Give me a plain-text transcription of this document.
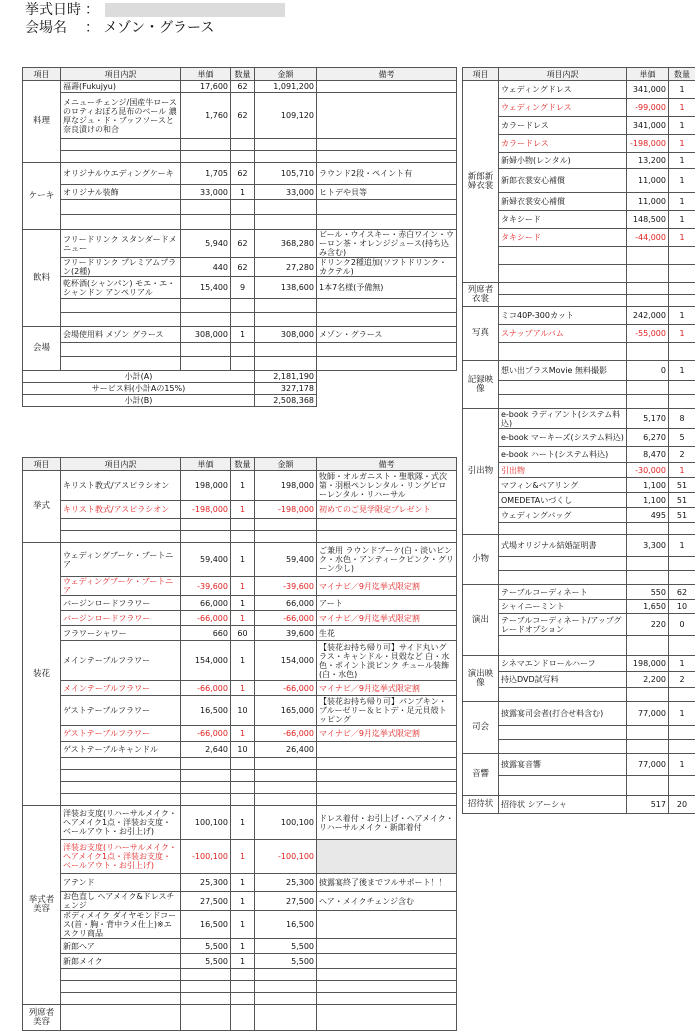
挙式日時 ：
会場名 ： メゾン・グラース
項目	項目内訳	単価	数量	金額	備考
料理	福壽(Fukujyu)	17,600	62	1,091,200	
	メニューチェンジ/国産牛ロースのロティおぼろ昆布のベール 濃厚なジュ・ド・ブッフソースと奈良漬けの和合	1,760	62	109,120	

ケーキ	オリジナルウエディングケーキ	1,705	62	105,710	ラウンド2段・ペイント有
	オリジナル装飾	33,000	1	33,000	ヒトデや貝等

飲料	フリードリンク スタンダードメニュー	5,940	62	368,280	ビール・ウイスキー・赤白ワイン・ウーロン茶・オレンジジュース(持ち込み含む)
	フリードリンク プレミアムプラン(2種)	440	62	27,280	ドリンク2種追加(ソフトドリンク・カクテル)
	乾杯酒(シャンパン) モエ・エ・シャンドン アンペリアル	15,400	9	138,600	1本7名様(予備無)

会場	会場使用料 メゾン グラース	308,000	1	308,000	メゾン・グラース

小計(A)				2,181,190	
サービス料(小計Aの15%)				327,178	
小計(B)				2,508,368	
項目	項目内訳	単価	数量	金額	備考
挙式	キリスト教式/アスピラシオン	198,000	1	198,000	牧師・オルガニスト・聖歌隊・式次第・羽根ペンレンタル・リングピローレンタル・リハーサル
	キリスト教式/アスピラシオン	-198,000	1	-198,000	初めてのご見学限定プレゼント

装花	ウェディングブーケ・ブートニア	59,400	1	59,400	ご兼用 ラウンドブーケ(白・淡いピンク・水色・アンティークピンク・グリーン少し)
	ウェディングブーケ・ブートニア	-39,600	1	-39,600	マイナビ／9月迄挙式限定割
	バージンロードフラワー	66,000	1	66,000	アート
	バージンロードフラワー	-66,000	1	-66,000	マイナビ／9月迄挙式限定割
	フラワーシャワー	660	60	39,600	生花
	メインテーブルフラワー	154,000	1	154,000	【装花お持ち帰り可】サイド丸いグラス・キャンドル・貝殻など 白・水色・ポイント淡ピンク チュール装飾(白・水色)
	メインテーブルフラワー	-66,000	1	-66,000	マイナビ／9月迄挙式限定割
	ゲストテーブルフラワー	16,500	10	165,000	【装花お持ち帰り可】パンプキン・ブルーゼリー＆ヒトデ・足元貝殻トッピング
	ゲストテーブルフラワー	-66,000	1	-66,000	マイナビ／9月迄挙式限定割
	ゲストテーブルキャンドル	2,640	10	26,400	

挙式者美容	洋装お支度(リハーサルメイク・ヘアメイク1点・洋装お支度・ベールアウト・お引上げ)	100,100	1	100,100	ドレス着付・お引上げ・ヘアメイク・リハーサルメイク・新郎着付
	洋装お支度(リハーサルメイク・ヘアメイク1点・洋装お支度・ベールアウト・お引上げ)	-100,100	1	-100,100	
	アテンド	25,300	1	25,300	披露宴終了後までフルサポート！！
	お色直し ヘアメイク&ドレスチェンジ	27,500	1	27,500	ヘア・メイクチェンジ含む
	ボディメイク ダイヤモンドコース(首・胸・背中ラメ仕上)※エスクリ商品	16,500	1	16,500	
	新郎ヘア	5,500	1	5,500	
	新郎メイク	5,500	1	5,500	

列席者美容					
項目	項目内訳	単価	数量
新郎新婦衣裳	ウェディングドレス	341,000	1
	ウェディングドレス	-99,000	1
	カラードレス	341,000	1
	カラードレス	-198,000	1
	新婦小物(レンタル)	13,200	1
	新郎衣裳安心補償	11,000	1
	新婦衣裳安心補償	11,000	1
	タキシード	148,500	1
	タキシード	-44,000	1

列席者衣裳			

写真	ミコ40P-300カット	242,000	1
	スナップアルバム	-55,000	1

記録映像	想い出プラスMovie 無料撮影	0	1

引出物	e-book ラディアント(システム料込)	5,170	8
	e-book マーキーズ(システム料込)	6,270	5
	e-book ハート(システム料込)	8,470	2
	引出物	-30,000	1
	マフィン&ベアリング	1,100	51
	OMEDETAいづくし	1,100	51
	ウェディングバッグ	495	51

小物	式場オリジナル結婚証明書	3,300	1

演出	テーブルコーディネート	550	62
	シャイニーミント	1,650	10
	テーブルコーディネート/アップグレードオプション	220	0

演出映像	シネマエンドロールハーフ	198,000	1
	持込DVD試写料	2,200	2

司会	披露宴司会者(打合せ料含む)	77,000	1

音響	披露宴音響	77,000	1

招待状	招待状 シアーシャ	517	20
